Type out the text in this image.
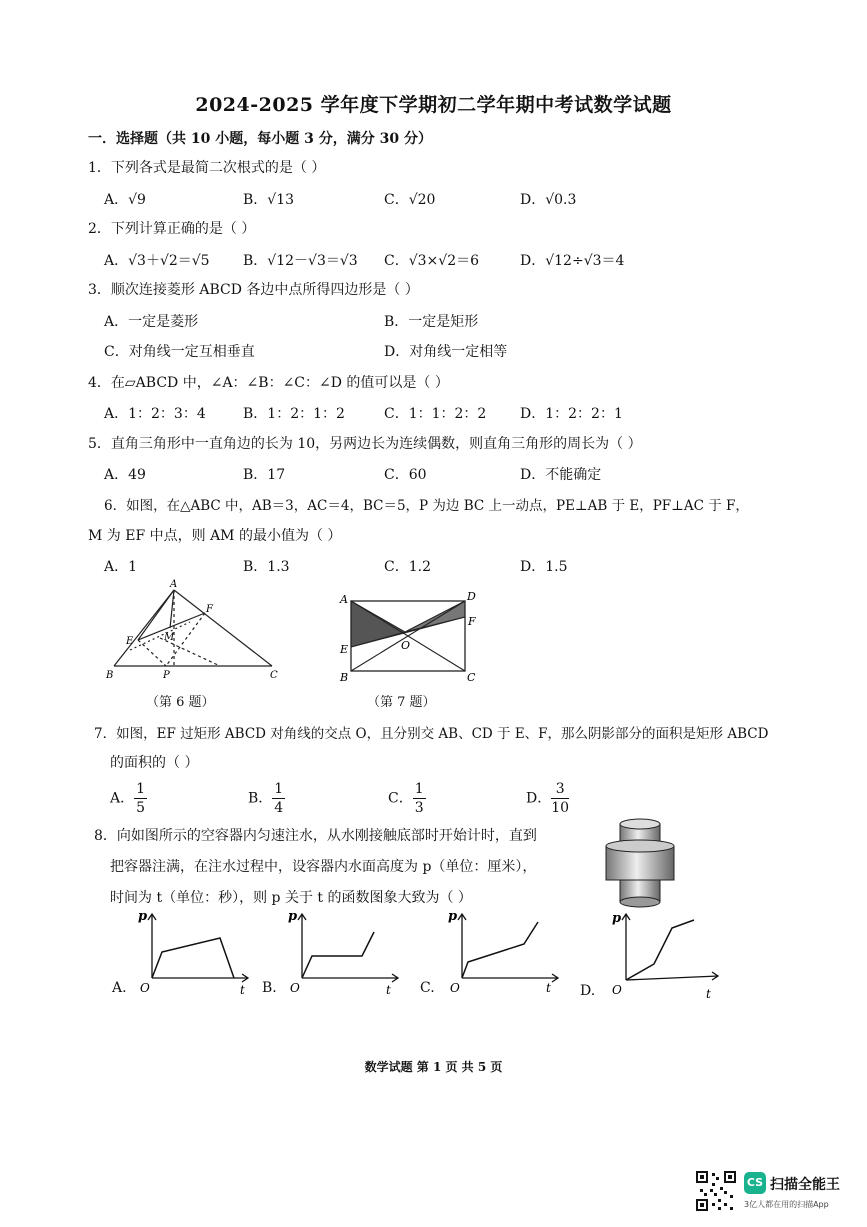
2024-2025 学年度下学期初二学年期中考试数学试题
一．选择题（共 10 小题，每小题 3 分，满分 30 分）
1．下列各式是最简二次根式的是（ ）
A．√9	B．√13	C．√20	D．√0.3
2．下列计算正确的是（ ）
A．√3＋√2＝√5 B．√12－√3＝√3 C．√3×√2＝6	D．√12÷√3＝4
3．顺次连接菱形 ABCD 各边中点所得四边形是（ ）
A．一定是菱形	B．一定是矩形
C．对角线一定互相垂直	D．对角线一定相等
4．在▱ABCD 中，∠A：∠B：∠C：∠D 的值可以是（ ）
A．1：2：3：4	B．1：2：1：2	C．1：1：2：2 D．1：2：2：1
5．直角三角形中一直角边的长为 10，另两边长为连续偶数，则直角三角形的周长为（ ）
A．49	B．17	C．60	D．不能确定
6．如图，在△ABC 中，AB＝3，AC＝4，BC＝5，P 为边 BC 上一动点，PE⊥AB 于 E，PF⊥AC 于 F，
M 为 EF 中点，则 AM 的最小值为（ ）
A．1	B．1.3	C．1.2	D．1.5
A
B	C
E
F
M
P
（第 6 题）
A
B	C
D
E
F
O
（第 7 题）
7．如图，EF 过矩形 ABCD 对角线的交点 O，且分别交 AB、CD 于 E、F，那么阴影部分的面积是矩形 ABCD
的面积的（ ）
A． $\frac{1}{5}$	B． $\frac{1}{4}$	C． $\frac{1}{3}$	D． $\frac{3}{10}$
8．向如图所示的空容器内匀速注水，从水刚接触底部时开始计时，直到
把容器注满，在注水过程中，设容器内水面高度为 p（单位：厘米），
时间为 t（单位：秒），则 p 关于 t 的函数图象大致为（ ）
A.
p
O	t B.
p
O	t C.
p
O	t D.
p
O	t
数学试题 第 1 页 共 5 页
CS 扫描全能王
3亿人都在用的扫描App
